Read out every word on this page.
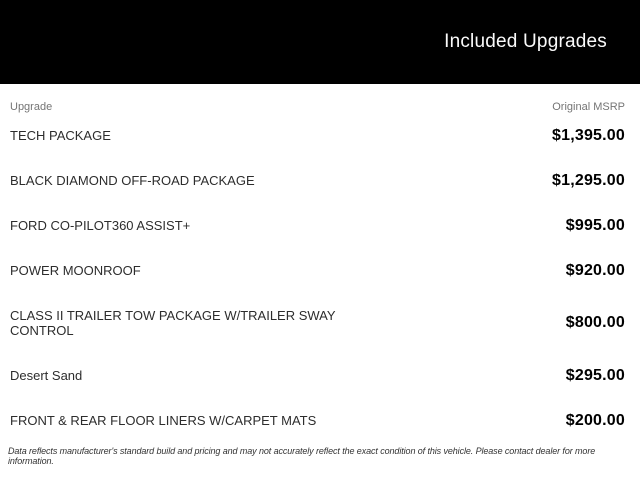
Included Upgrades
Upgrade	Original MSRP
TECH PACKAGE	$1,395.00
BLACK DIAMOND OFF-ROAD PACKAGE	$1,295.00
FORD CO-PILOT360 ASSIST+	$995.00
POWER MOONROOF	$920.00
CLASS II TRAILER TOW PACKAGE W/TRAILER SWAY CONTROL	$800.00
Desert Sand	$295.00
FRONT & REAR FLOOR LINERS W/CARPET MATS	$200.00
Data reflects manufacturer's standard build and pricing and may not accurately reflect the exact condition of this vehicle. Please contact dealer for more information.
